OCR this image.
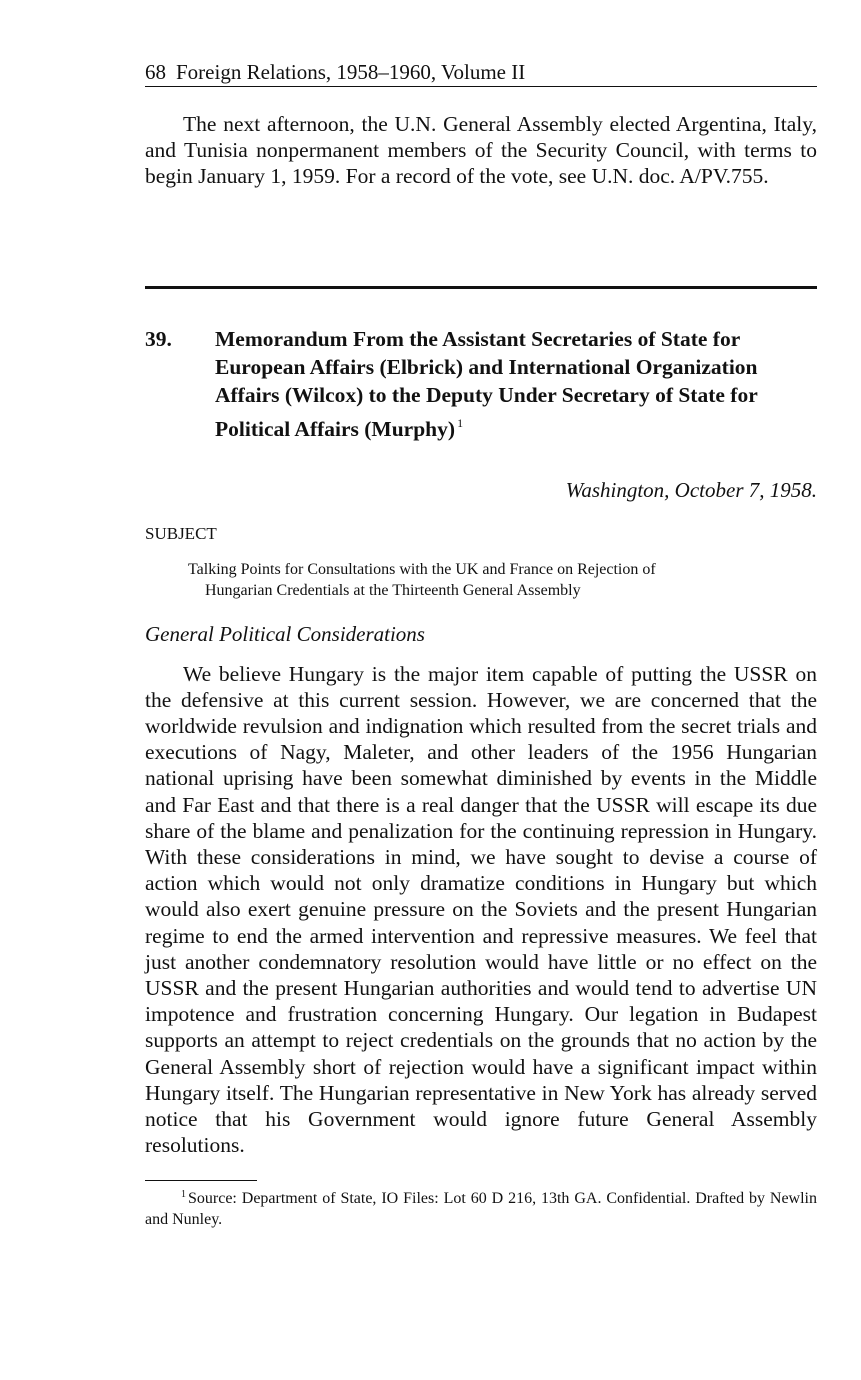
68 Foreign Relations, 1958–1960, Volume II

The next afternoon, the U.N. General Assembly elected Argentina, Italy, and Tunisia nonpermanent members of the Security Council, with terms to begin January 1, 1959. For a record of the vote, see U.N. doc. A/PV.755.

39.	Memorandum From the Assistant Secretaries of State for European Affairs (Elbrick) and International Organization Affairs (Wilcox) to the Deputy Under Secretary of State for Political Affairs (Murphy) $^1$
Washington, October 7, 1958.
SUBJECT
Talking Points for Consultations with the UK and France on Rejection of
Hungarian Credentials at the Thirteenth General Assembly
General Political Considerations

We believe Hungary is the major item capable of putting the USSR on the defensive at this current session. However, we are concerned that the worldwide revulsion and indignation which resulted from the secret trials and executions of Nagy, Maleter, and other leaders of the 1956 Hungarian national uprising have been somewhat diminished by events in the Middle and Far East and that there is a real danger that the USSR will escape its due share of the blame and penalization for the continuing repression in Hungary. With these considerations in mind, we have sought to devise a course of action which would not only dramatize conditions in Hungary but which would also exert genuine pressure on the Soviets and the present Hungarian regime to end the armed intervention and repressive measures. We feel that just another condemnatory resolution would have little or no effect on the USSR and the present Hungarian authorities and would tend to advertise UN impotence and frustration concerning Hungary. Our legation in Budapest supports an attempt to reject credentials on the grounds that no action by the General Assembly short of rejection would have a significant impact within Hungary itself. The Hungarian representative in New York has already served notice that his Government would ignore future General Assembly resolutions.

$^1$ Source: Department of State, IO Files: Lot 60 D 216, 13th GA. Confidential. Drafted by Newlin and Nunley.
